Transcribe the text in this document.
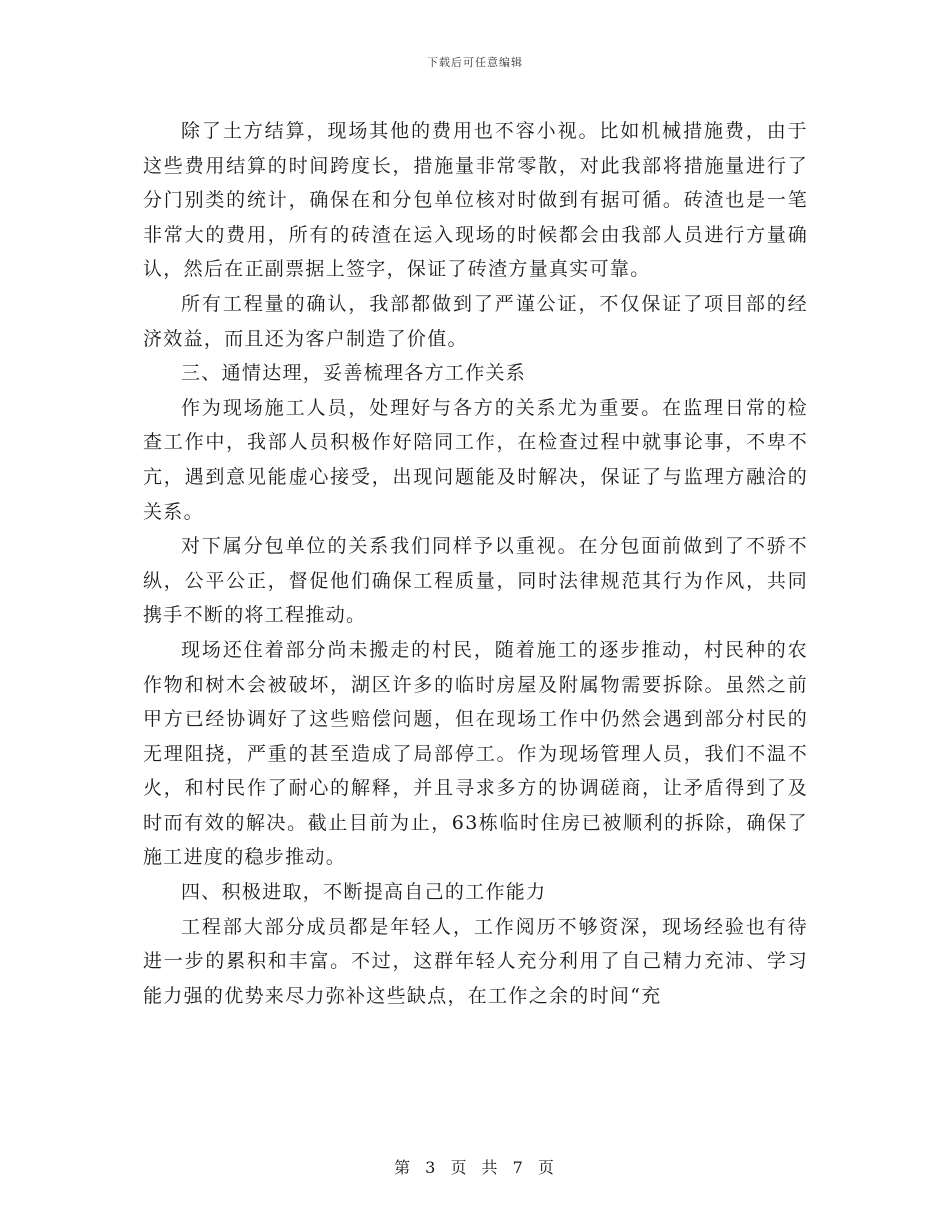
下载后可任意编辑

除了土方结算，现场其他的费用也不容小视。比如机械措施费，由于这些费用结算的时间跨度长，措施量非常零散，对此我部将措施量进行了分门别类的统计，确保在和分包单位核对时做到有据可循。砖渣也是一笔非常大的费用，所有的砖渣在运入现场的时候都会由我部人员进行方量确认，然后在正副票据上签字，保证了砖渣方量真实可靠。

所有工程量的确认，我部都做到了严谨公证，不仅保证了项目部的经济效益，而且还为客户制造了价值。

三、通情达理，妥善梳理各方工作关系

作为现场施工人员，处理好与各方的关系尤为重要。在监理日常的检查工作中，我部人员积极作好陪同工作，在检查过程中就事论事，不卑不亢，遇到意见能虚心接受，出现问题能及时解决，保证了与监理方融洽的关系。

对下属分包单位的关系我们同样予以重视。在分包面前做到了不骄不纵，公平公正，督促他们确保工程质量，同时法律规范其行为作风，共同携手不断的将工程推动。

现场还住着部分尚未搬走的村民，随着施工的逐步推动，村民种的农作物和树木会被破坏，湖区许多的临时房屋及附属物需要拆除。虽然之前甲方已经协调好了这些赔偿问题，但在现场工作中仍然会遇到部分村民的无理阻挠，严重的甚至造成了局部停工。作为现场管理人员，我们不温不火，和村民作了耐心的解释，并且寻求多方的协调磋商，让矛盾得到了及时而有效的解决。截止目前为止，63栋临时住房已被顺利的拆除，确保了施工进度的稳步推动。

四、积极进取，不断提高自己的工作能力

工程部大部分成员都是年轻人，工作阅历不够资深，现场经验也有待进一步的累积和丰富。不过，这群年轻人充分利用了自己精力充沛、学习能力强的优势来尽力弥补这些缺点，在工作之余的时间“充

第 3 页 共 7 页
